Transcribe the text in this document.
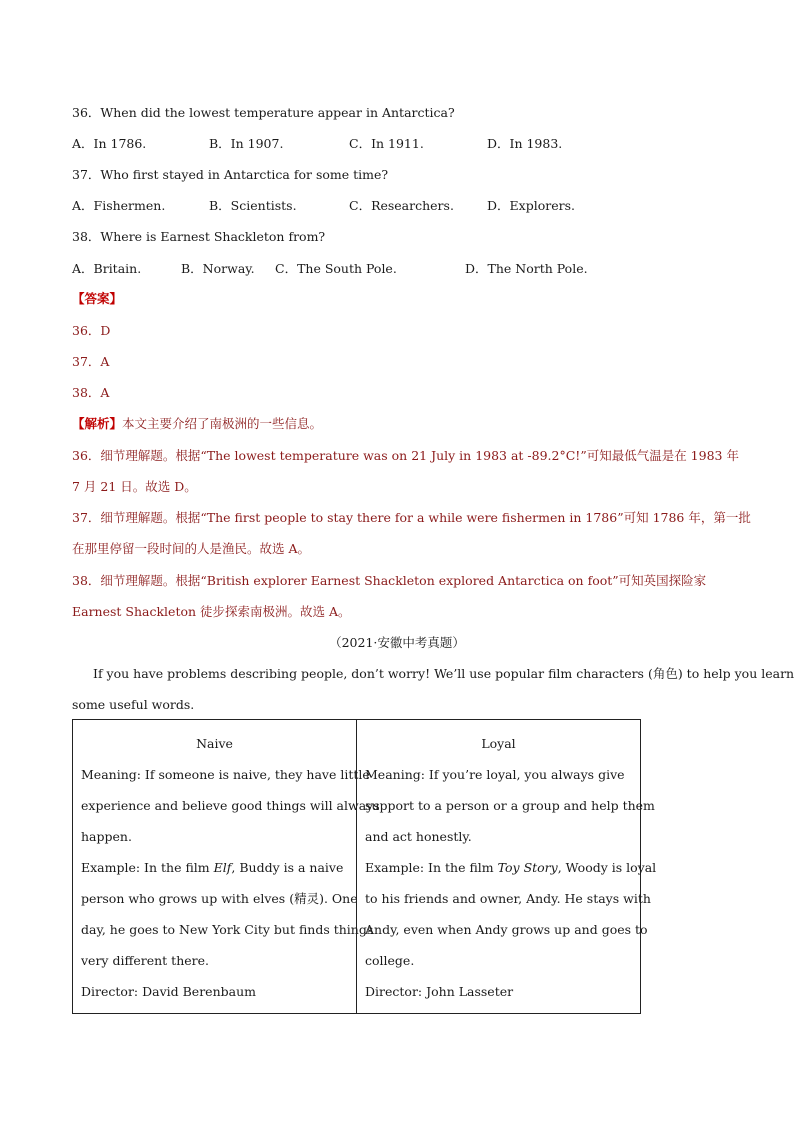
36．When did the lowest temperature appear in Antarctica?
A．In 1786.	B．In 1907.	C．In 1911.	D．In 1983.
37．Who first stayed in Antarctica for some time?
A．Fishermen.	B．Scientists.	C．Researchers.	D．Explorers.
38．Where is Earnest Shackleton from?
A．Britain.	B．Norway. C．The South Pole.	D．The North Pole.
【答案】
36．D
37．A
38．A
【解析】本文主要介绍了南极洲的一些信息。
36．细节理解题。根据“The lowest temperature was on 21 July in 1983 at -89.2°C!”可知最低气温是在 1983 年
7 月 21 日。故选 D。
37．细节理解题。根据“The first people to stay there for a while were fishermen in 1786”可知 1786 年，第一批
在那里停留一段时间的人是渔民。故选 A。
38．细节理解题。根据“British explorer Earnest Shackleton explored Antarctica on foot”可知英国探险家
Earnest Shackleton 徒步探索南极洲。故选 A。
（2021·安徽中考真题）
If you have problems describing people, don’t worry! We’ll use popular film characters (角色) to help you learn
some useful words.
Naive
Meaning: If someone is naive, they have little
experience and believe good things will always
happen.
Example: In the film Elf, Buddy is a naive
person who grows up with elves (精灵). One
day, he goes to New York City but finds things
very different there.
Director: David Berenbaum

Loyal
Meaning: If you’re loyal, you always give
support to a person or a group and help them
and act honestly.
Example: In the film Toy Story, Woody is loyal
to his friends and owner, Andy. He stays with
Andy, even when Andy grows up and goes to
college.
Director: John Lasseter
